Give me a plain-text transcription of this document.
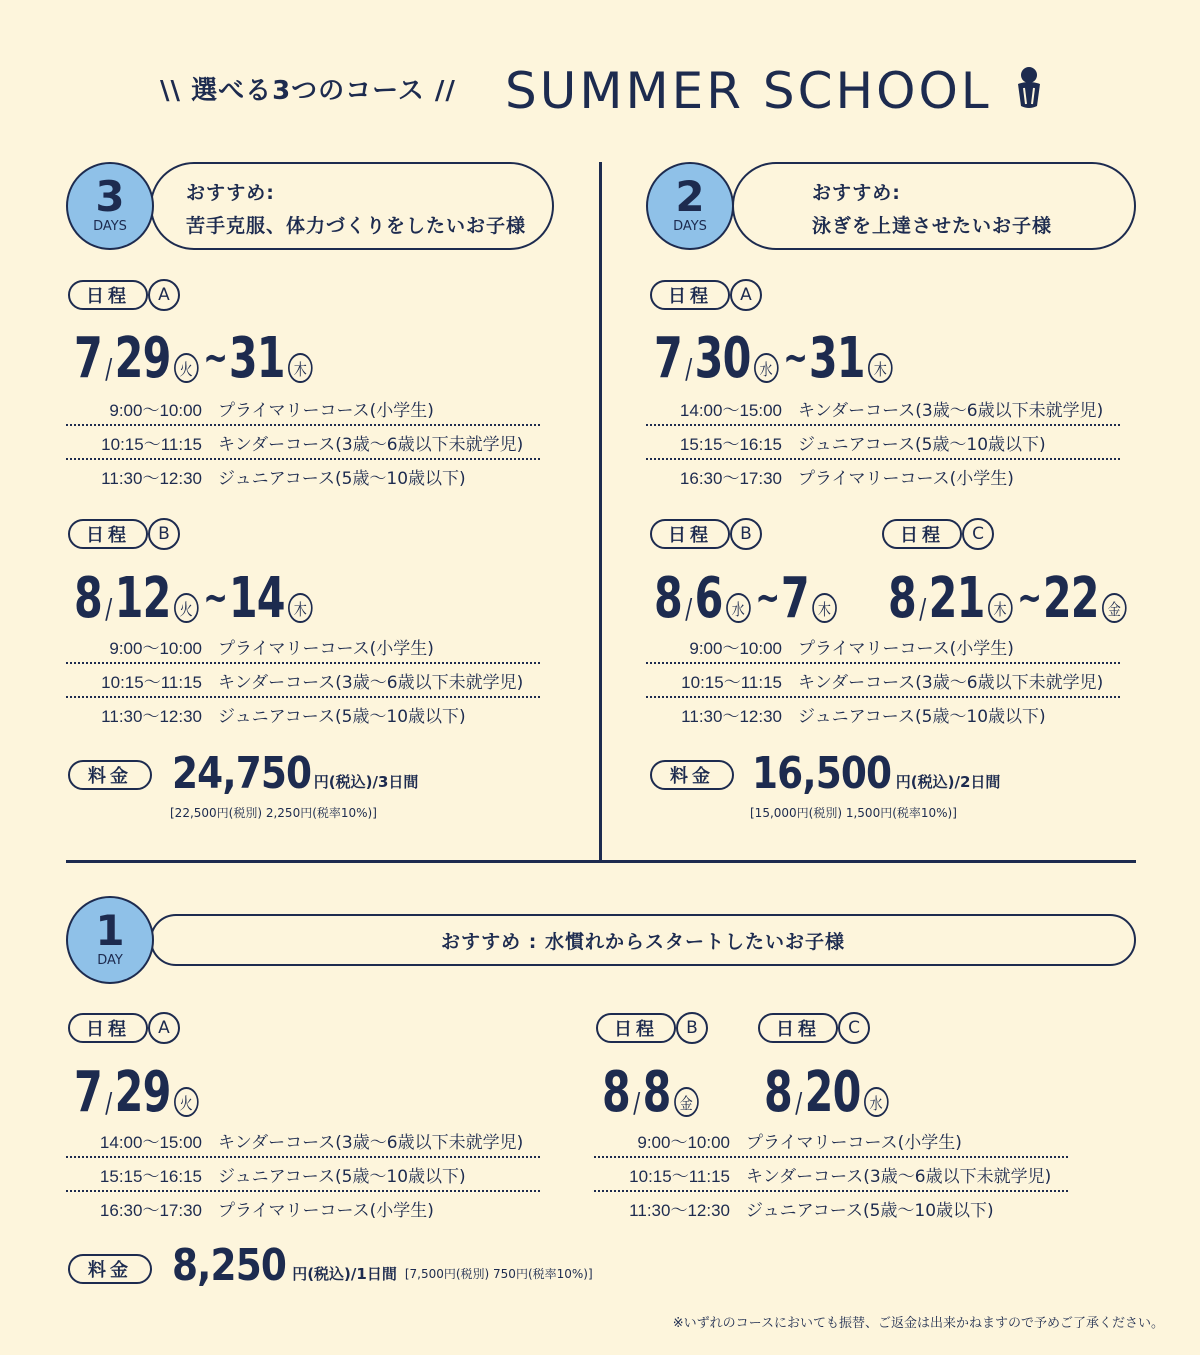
\\ 選べる3つのコース // SUMMER SCHOOL
おすすめ:
苦手克服、体力づくりをしたいお子様
3
DAYS
日程	A
7 / 29 火 ~ 31 木
9:00〜10:00 プライマリーコース(小学生)
10:15〜11:15 キンダーコース(3歳〜6歳以下未就学児)
11:30〜12:30 ジュニアコース(5歳〜10歳以下)
日程	B
8 / 12 火 ~ 14 木
9:00〜10:00 プライマリーコース(小学生)
10:15〜11:15 キンダーコース(3歳〜6歳以下未就学児)
11:30〜12:30 ジュニアコース(5歳〜10歳以下)
料金 24,750 円(税込)/3日間
[22,500円(税別) 2,250円(税率10%)]
おすすめ:
泳ぎを上達させたいお子様
2
DAYS
日程	A
7 / 30 水 ~ 31 木
14:00〜15:00 キンダーコース(3歳〜6歳以下未就学児)
15:15〜16:15 ジュニアコース(5歳〜10歳以下)
16:30〜17:30 プライマリーコース(小学生)
日程	B	日程	C
8 / 6 水 ~ 7 木 8 / 21 木 ~ 22 金
9:00〜10:00 プライマリーコース(小学生)
10:15〜11:15 キンダーコース(3歳〜6歳以下未就学児)
11:30〜12:30 ジュニアコース(5歳〜10歳以下)
料金 16,500 円(税込)/2日間
[15,000円(税別) 1,500円(税率10%)]
おすすめ : 水慣れからスタートしたいお子様
1
DAY
日程	A
7 / 29 火
14:00〜15:00 キンダーコース(3歳〜6歳以下未就学児)
15:15〜16:15 ジュニアコース(5歳〜10歳以下)
16:30〜17:30 プライマリーコース(小学生)
日程	B	日程	C
8 / 8 金 8 / 20 水
9:00〜10:00 プライマリーコース(小学生)
10:15〜11:15 キンダーコース(3歳〜6歳以下未就学児)
11:30〜12:30 ジュニアコース(5歳〜10歳以下)
料金 8,250 円(税込)/1日間 [7,500円(税別) 750円(税率10%)]
※いずれのコースにおいても振替、ご返金は出来かねますので予めご了承ください。
